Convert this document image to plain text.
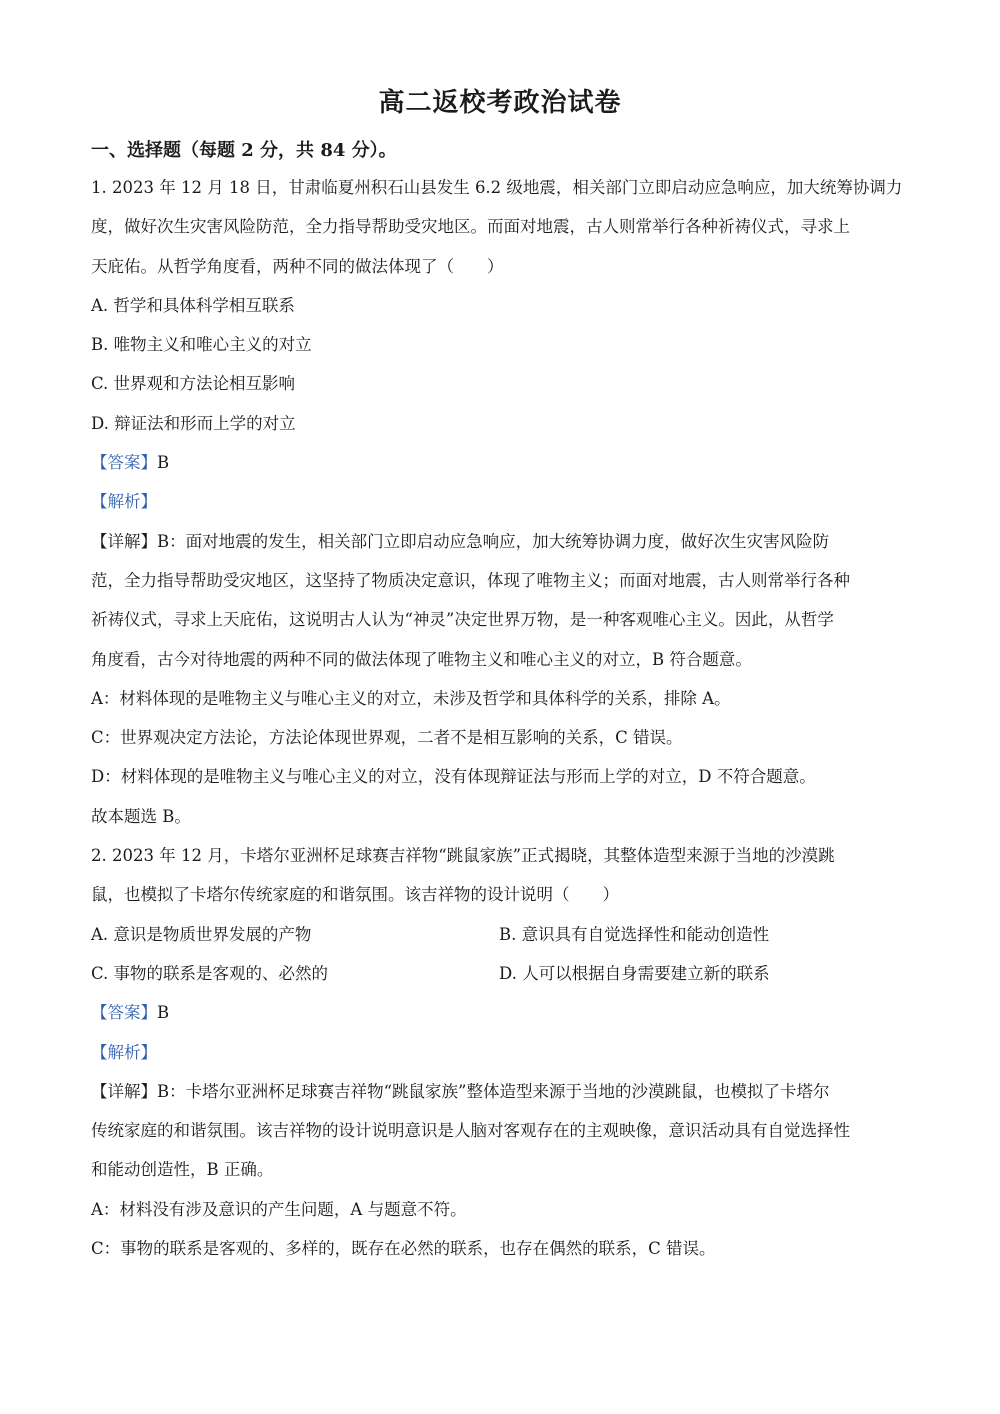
高二返校考政治试卷
一、选择题（每题 2 分，共 84 分）。

1. 2023 年 12 月 18 日，甘肃临夏州积石山县发生 6.2 级地震，相关部门立即启动应急响应，加大统筹协调力

度，做好次生灾害风险防范，全力指导帮助受灾地区。而面对地震，古人则常举行各种祈祷仪式，寻求上

天庇佑。从哲学角度看，两种不同的做法体现了（　　）

A. 哲学和具体科学相互联系

B. 唯物主义和唯心主义的对立

C. 世界观和方法论相互影响

D. 辩证法和形而上学的对立

【答案】B

【解析】

【详解】B：面对地震的发生，相关部门立即启动应急响应，加大统筹协调力度，做好次生灾害风险防

范，全力指导帮助受灾地区，这坚持了物质决定意识，体现了唯物主义；而面对地震，古人则常举行各种

祈祷仪式，寻求上天庇佑，这说明古人认为“神灵”决定世界万物，是一种客观唯心主义。因此，从哲学

角度看，古今对待地震的两种不同的做法体现了唯物主义和唯心主义的对立，B 符合题意。

A：材料体现的是唯物主义与唯心主义的对立，未涉及哲学和具体科学的关系，排除 A。

C：世界观决定方法论，方法论体现世界观，二者不是相互影响的关系，C 错误。

D：材料体现的是唯物主义与唯心主义的对立，没有体现辩证法与形而上学的对立，D 不符合题意。

故本题选 B。

2. 2023 年 12 月，卡塔尔亚洲杯足球赛吉祥物“跳鼠家族”正式揭晓，其整体造型来源于当地的沙漠跳

鼠，也模拟了卡塔尔传统家庭的和谐氛围。该吉祥物的设计说明（　　）

A. 意识是物质世界发展的产物	B. 意识具有自觉选择性和能动创造性
C. 事物的联系是客观的、必然的	D. 人可以根据自身需要建立新的联系

【答案】B

【解析】

【详解】B：卡塔尔亚洲杯足球赛吉祥物“跳鼠家族”整体造型来源于当地的沙漠跳鼠，也模拟了卡塔尔

传统家庭的和谐氛围。该吉祥物的设计说明意识是人脑对客观存在的主观映像，意识活动具有自觉选择性

和能动创造性，B 正确。

A：材料没有涉及意识的产生问题，A 与题意不符。

C：事物的联系是客观的、多样的，既存在必然的联系，也存在偶然的联系，C 错误。
